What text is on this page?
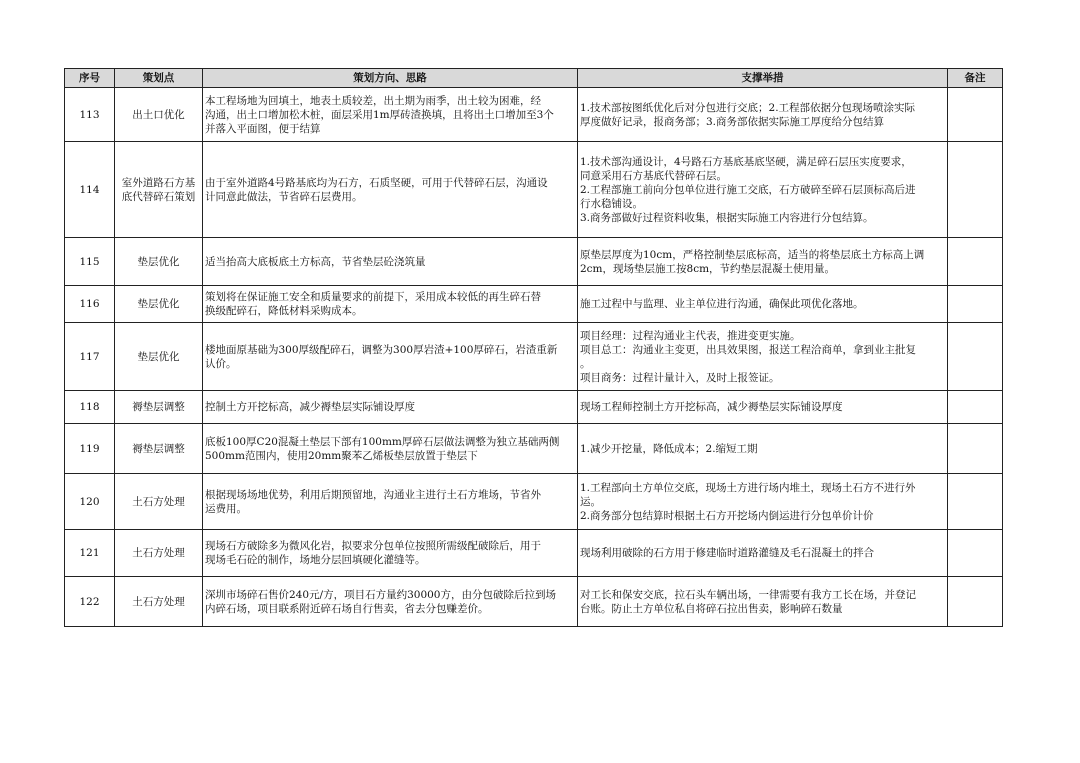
序号	策划点	策划方向、思路	支撑举措	备注
113	出土口优化	本工程场地为回填土，地表土质较差，出土期为雨季，出土较为困难，经
沟通，出土口增加松木桩，面层采用1m厚砖渣换填，且将出土口增加至3个
并落入平面图，便于结算	1.技术部按图纸优化后对分包进行交底；2.工程部依据分包现场喷涂实际
厚度做好记录，报商务部；3.商务部依据实际施工厚度给分包结算	

114	室外道路石方基
底代替碎石策划	由于室外道路4号路基底均为石方，石质坚硬，可用于代替碎石层，沟通设
计同意此做法，节省碎石层费用。	1.技术部沟通设计，4号路石方基底基底坚硬，满足碎石层压实度要求，
同意采用石方基底代替碎石层。
2.工程部施工前向分包单位进行施工交底，石方破碎至碎石层顶标高后进
行水稳铺设。
3.商务部做好过程资料收集，根据实际施工内容进行分包结算。	

115	垫层优化	适当抬高大底板底土方标高，节省垫层砼浇筑量	原垫层厚度为10cm，严格控制垫层底标高，适当的将垫层底土方标高上调
2cm，现场垫层施工按8cm，节约垫层混凝土使用量。	

116	垫层优化	策划将在保证施工安全和质量要求的前提下，采用成本较低的再生碎石替
换级配碎石，降低材料采购成本。	施工过程中与监理、业主单位进行沟通，确保此项优化落地。	

117	垫层优化	楼地面原基础为300厚级配碎石，调整为300厚岩渣+100厚碎石，岩渣重新
认价。	项目经理：过程沟通业主代表，推进变更实施。
项目总工：沟通业主变更，出具效果图，报送工程洽商单，拿到业主批复
。
项目商务：过程计量计入，及时上报签证。	

118	褥垫层调整	控制土方开挖标高，减少褥垫层实际铺设厚度	现场工程师控制土方开挖标高，减少褥垫层实际铺设厚度	

119	褥垫层调整	底板100厚C20混凝土垫层下部有100mm厚碎石层做法调整为独立基础两侧
500mm范围内，使用20mm聚苯乙烯板垫层放置于垫层下	1.减少开挖量，降低成本；2.缩短工期	

120	土石方处理	根据现场场地优势，利用后期预留地，沟通业主进行土石方堆场，节省外
运费用。	1.工程部向土方单位交底，现场土方进行场内堆土，现场土石方不进行外
运。
2.商务部分包结算时根据土石方开挖场内倒运进行分包单价计价	

121	土石方处理	现场石方破除多为微风化岩，拟要求分包单位按照所需级配破除后，用于
现场毛石砼的制作，场地分层回填硬化灌缝等。	现场利用破除的石方用于修建临时道路灌缝及毛石混凝土的拌合	

122	土石方处理	深圳市场碎石售价240元/方，项目石方量约30000方，由分包破除后拉到场
内碎石场，项目联系附近碎石场自行售卖，省去分包赚差价。	对工长和保安交底，拉石头车辆出场，一律需要有我方工长在场，并登记
台账。防止土方单位私自将碎石拉出售卖，影响碎石数量	
